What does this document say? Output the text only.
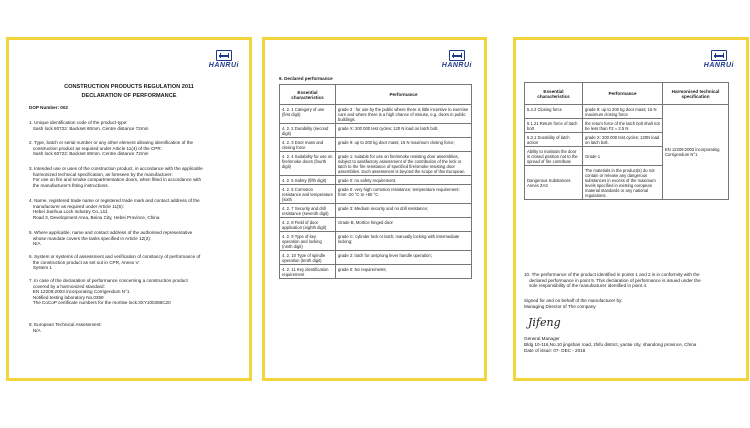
HANRUi
CONSTRUCTION PRODUCTS REGULATION 2011
DECLARATION OF PERFORMANCE
DOP Number: 002
1. Unique identification code of the product-type:
Sash lock 60722: Backset 60mm. Centre distance 72mm
2. Type, batch or serial number or any other element allowing identification of the
construction product as required under Article 11(4) of the CPR:
Sash lock 60722: Backset 60mm. Centre distance 72mm
3. Intended use or uses of the construction product, in accordance with the applicable
harmonized technical specification, as foreseen by the manufacturer:
For use on fire and smoke compartmentation doors, when fitted in accordance with
the manufacturer's fitting instructions.
4. Name, registered trade name or registered trade mark and contact address of the
manufacturer as required under Article 11(5):
Hebei Jianhua Lock Industry Co.,Ltd.
Road 3, Development Area, Beiou City, Hebei Province, China
5. Where applicable, name and contact address of the authorised representative
whose mandate covers the tasks specified in Article 12(2):
N/A
6. System or systems of assessment and verification of constancy of performance of
the construction product as set out in CPR, Annex V:
System 1
7. In case of the declaration of performance concerning a construction product
covered by a harmonized standard:
EN 12209:2003 incorporating Corrigendum N°1
Notified testing laboratory No.0359
The CoCoP certificate numbers for the mortise lock:3XY100386C20
8. European Technical Assessment:
N/A
HANRUi
9. Declared performance
Essential characteristics	Performance
4. 2. 1 Category of use (first digit)	grade 3 : for use by the public where there is little incentive to exercise care and where there is a high chance of misuse, e.g. doors in public buildings.
4. 2. 2 Durability (second digit)	grade X: 200 000 test cycles; 120 N load on latch bolt.
4. 2. 3 Door mass and closing force	grade 9: up to 200 kg door mass; 15 N maximum closing force;
4. 2. 4 Suitability for use on fire/smoke doors (fourth digit)	grade 1: suitable for use on fire/smoke resisting door assemblies, subject to satisfactory assessment of the contribution of the lock or latch to the fire resistance of specified fire/smoke resisting door assemblies. Such assessment is beyond the scope of this European
4. 2. 5 Safety (fifth digit)	grade 0: no safety requirement.
4. 2. 6 Corrosion resistance and temperature (sixth	grade 0: very high corrosion resistance; temperature requirement: from -20 °C to +80 °C.
4. 2. 7 Security and drill resistance (seventh digit)	grade 3: Medium security and no drill resistance;
4. 2. 8 Field of door application (eighth digit)	Grade B, Mortice hinged door
4. 2. 9 Type of key operation and locking (ninth digit)	grade C: cylinder lock or latch; manually locking with intermediate locking;
4. 2. 10 Type of spindle operation (tenth digit)	grade 2: latch for unsprung lever handle operation;
4. 2. 11 Key identification requirement	grade 0: No requirements;
HANRUi
Essential characteristics	Performance	Harmonised technical specification
5.4.2 Closing force	grade 9: up to 200 kg door mass; 15 N maximum closing force	EN 12209:2003 incorporating Corrigendum N°1
5.1.21 Return force of latch bolt	the return force of the latch bolt shall not be less than F2 = 2.5 N	
5.3.1 Durability of latch action	grade X: 200 000 test cycles; 120N load on latch bolt.	
Ability to maintain the door in closed position not to the spread of fire contribute	Grade 1	
Dangerous Substances Annex ZA3	The materials in the product(s) do not contain or release any dangerous substances in excess of the maximum levels specified in existing european material standards or any national regulations.	
10. The performance of the product identified in points 1 and 2 is in conformity with the
declared performance in point 9. This declaration of performance is issued under the
sole responsibility of the manufacturer identified in point 4.
Signed for and on behalf of the manufacturer by:
Managing Director of The company
Jifeng
General Manager
Bldg 10-116,No.10 jingshan road, zhifu district, yantai city, shandong province, China
Date of issue: 07- DEC - 2018
